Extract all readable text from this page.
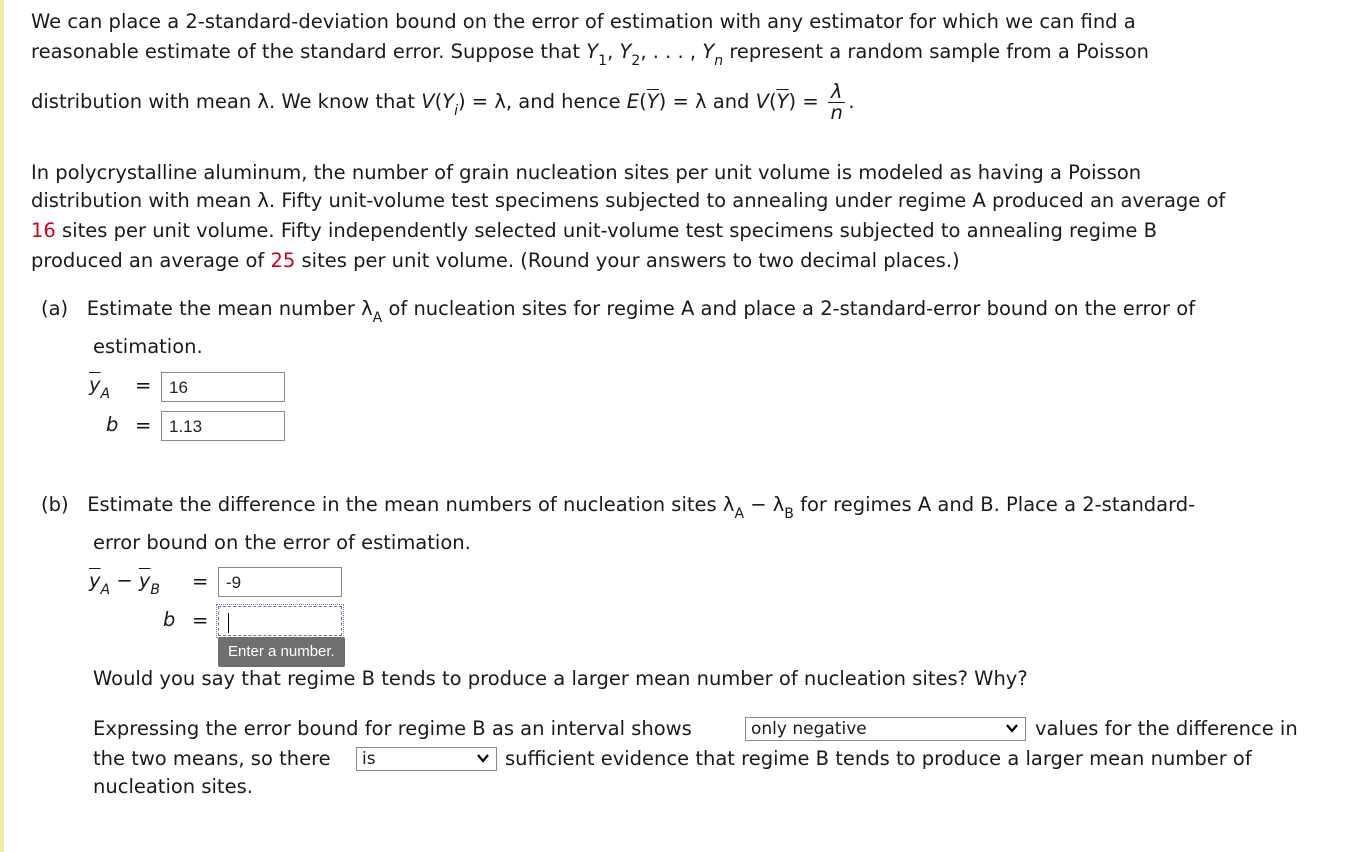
We can place a 2-standard-deviation bound on the error of estimation with any estimator for which we can find a
reasonable estimate of the standard error. Suppose that $Y_1$, $Y_2$, . . . , $Y_n$ represent a random sample from a Poisson
distribution with mean λ. We know that $V(Y_i) = \lambda$, and hence $E(\overline{Y}) = \lambda$ and $V(\overline{Y}) = \frac{\lambda}{n}$ .
In polycrystalline aluminum, the number of grain nucleation sites per unit volume is modeled as having a Poisson
distribution with mean λ. Fifty unit-volume test specimens subjected to annealing under regime A produced an average of
16 sites per unit volume. Fifty independently selected unit-volume test specimens subjected to annealing regime B
produced an average of 25 sites per unit volume. (Round your answers to two decimal places.)
(a) Estimate the mean number $\lambda_A$ of nucleation sites for regime A and place a 2-standard-error bound on the error of
estimation.
$\overline{y}_A$ =	16
b =	1.13
(b) Estimate the difference in the mean numbers of nucleation sites $\lambda_A - \lambda_B$ for regimes A and B. Place a 2-standard-
error bound on the error of estimation.
$\overline{y}_A - \overline{y}_B$ =	-9
b =
Enter a number.
Would you say that regime B tends to produce a larger mean number of nucleation sites? Why?
Expressing the error bound for regime B as an interval shows	only negative	values for the difference in
the two means, so there	is	sufficient evidence that regime B tends to produce a larger mean number of
nucleation sites.
